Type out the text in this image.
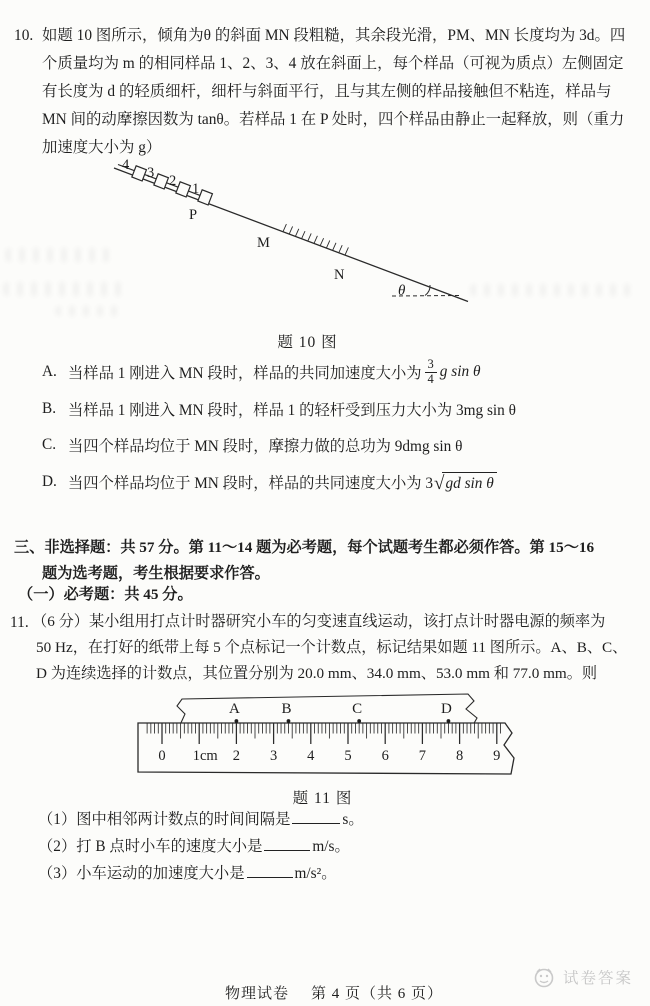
10. 如题 10 图所示，倾角为θ 的斜面 MN 段粗糙，其余段光滑，PM、MN 长度均为 3d。四
个质量均为 m 的相同样品 1、2、3、4 放在斜面上，每个样品（可视为质点）左侧固定
有长度为 d 的轻质细杆，细杆与斜面平行，且与其左侧的样品接触但不粘连，样品与
MN 间的动摩擦因数为 tanθ。若样品 1 在 P 处时，四个样品由静止一起释放，则（重力
加速度大小为 g）
4 3 2 1
P
M
N
θ
题 10 图
A. 当样品 1 刚进入 MN 段时，样品的共同加速度大小为 $\frac{3}{4}$ g sin θ
B. 当样品 1 刚进入 MN 段时，样品 1 的轻杆受到压力大小为 3mg sin θ
C. 当四个样品均位于 MN 段时，摩擦力做的总功为 9dmg sin θ
D. 当四个样品均位于 MN 段时，样品的共同速度大小为 3 √ gd sin θ
三、非选择题：共 57 分。第 11～14 题为必考题，每个试题考生都必须作答。第 15～16
题为选考题，考生根据要求作答。
（一）必考题：共 45 分。
11. （6 分）某小组用打点计时器研究小车的匀变速直线运动，该打点计时器电源的频率为
50 Hz，在打好的纸带上每 5 个点标记一个计数点，标记结果如题 11 图所示。A、B、C、
D 为连续选择的计数点，其位置分别为 20.0 mm、34.0 mm、53.0 mm 和 77.0 mm。则
0 1cm 2 3 4 5 6 7 8 9
A	B	C	D
题 11 图
（1）图中相邻两计数点的时间间隔是	s。
（2）打 B 点时小车的速度大小是	m/s。
（3）小车运动的加速度大小是	m/s²。
物理试卷 第 4 页（共 6 页）
试卷答案
